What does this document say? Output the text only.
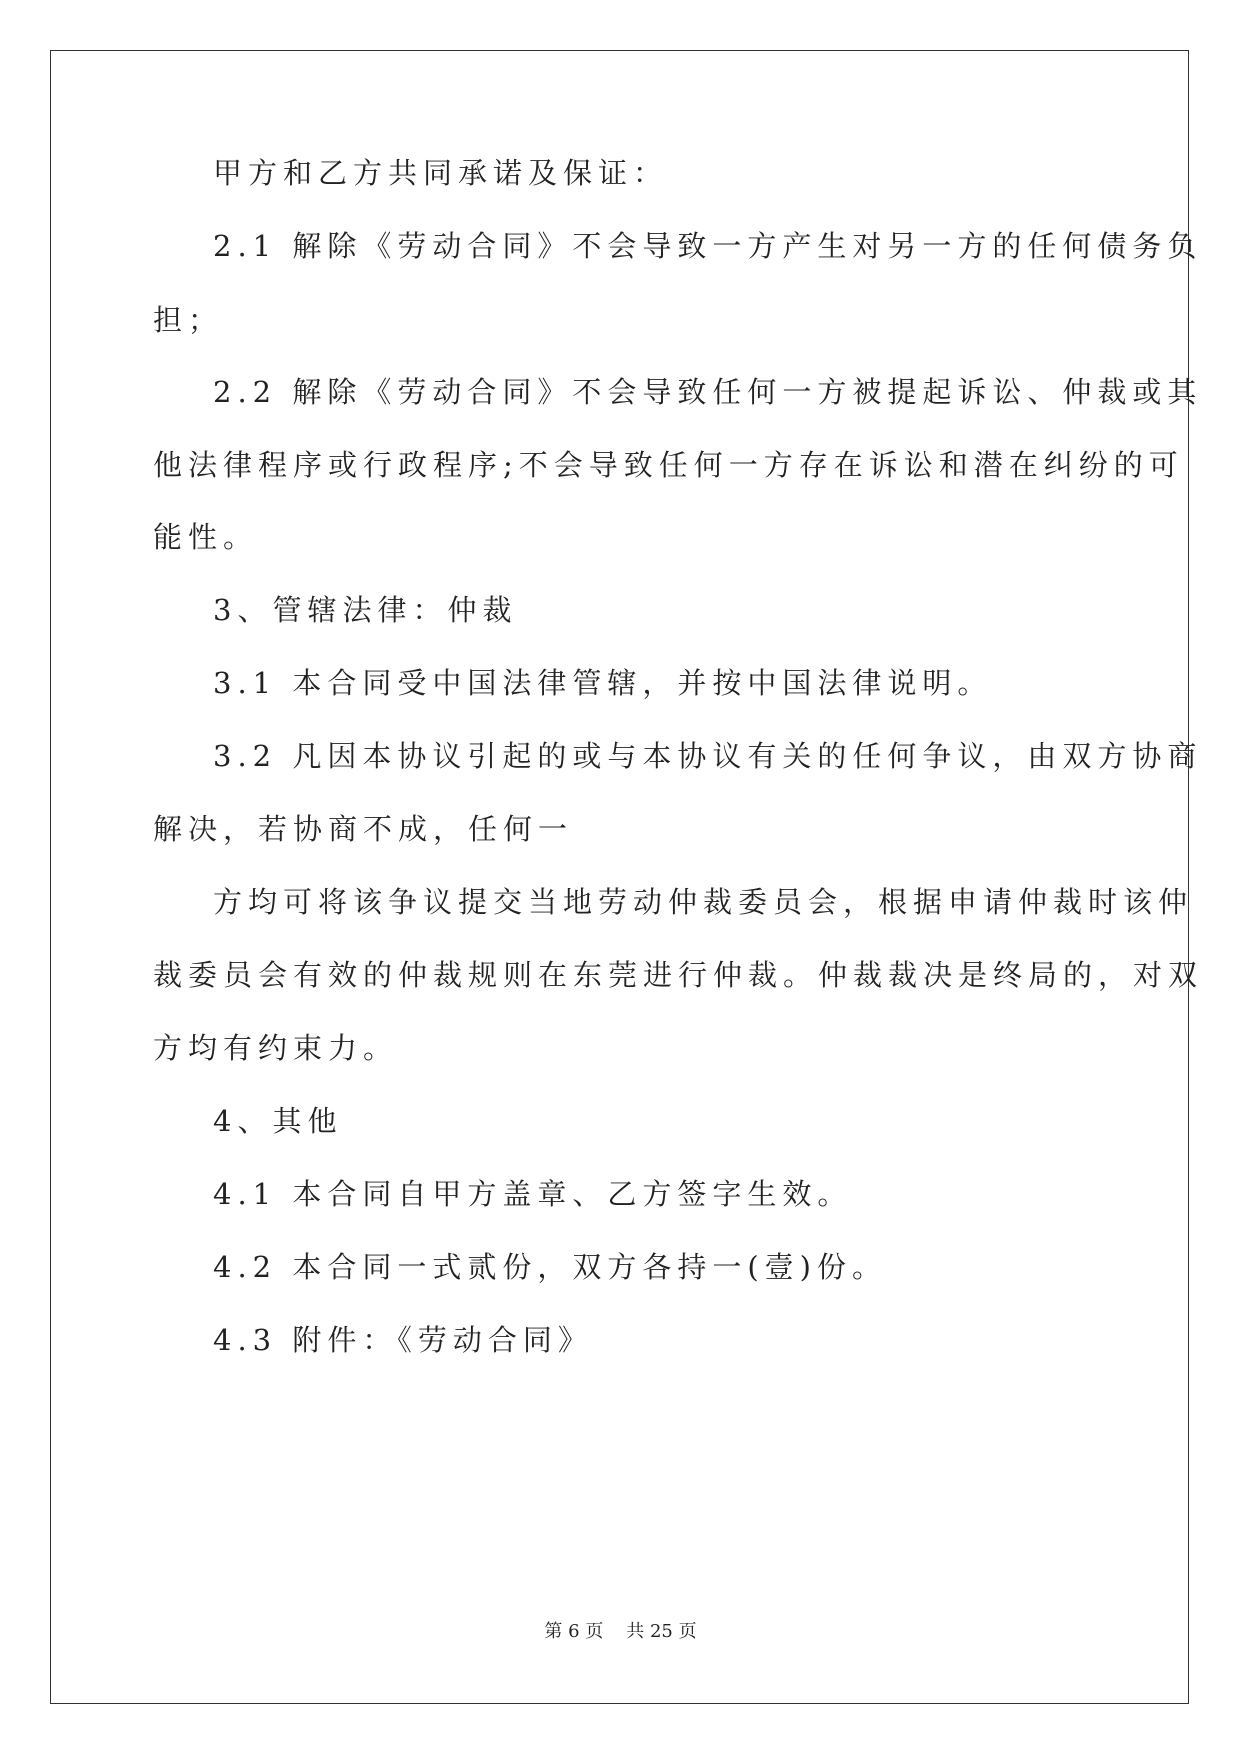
甲方和乙方共同承诺及保证：
2.1 解除《劳动合同》不会导致一方产生对另一方的任何债务负
担；
2.2 解除《劳动合同》不会导致任何一方被提起诉讼、仲裁或其
他法律程序或行政程序;不会导致任何一方存在诉讼和潜在纠纷的可
能性。
3、管辖法律：仲裁
3.1 本合同受中国法律管辖，并按中国法律说明。
3.2 凡因本协议引起的或与本协议有关的任何争议，由双方协商
解决，若协商不成，任何一
方均可将该争议提交当地劳动仲裁委员会，根据申请仲裁时该仲
裁委员会有效的仲裁规则在东莞进行仲裁。仲裁裁决是终局的，对双
方均有约束力。
4、其他
4.1 本合同自甲方盖章、乙方签字生效。
4.2 本合同一式贰份，双方各持一(壹)份。
4.3 附件：《劳动合同》
第 6 页 共 25 页
